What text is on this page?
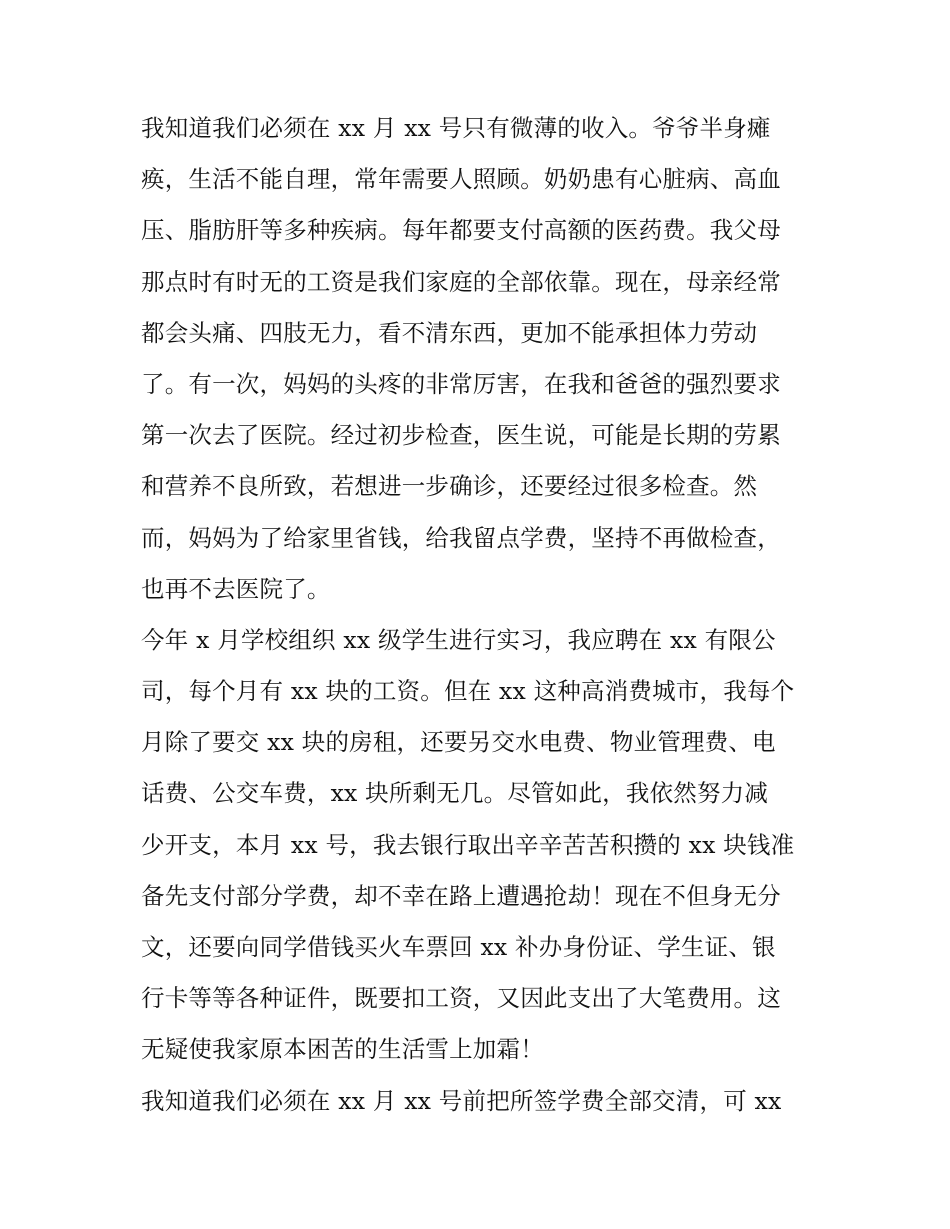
我知道我们必须在 xx 月 xx 号只有微薄的收入。爷爷半身瘫
痪，生活不能自理，常年需要人照顾。奶奶患有心脏病、高血
压、脂肪肝等多种疾病。每年都要支付高额的医药费。我父母
那点时有时无的工资是我们家庭的全部依靠。现在，母亲经常
都会头痛、四肢无力，看不清东西，更加不能承担体力劳动
了。有一次，妈妈的头疼的非常厉害，在我和爸爸的强烈要求
第一次去了医院。经过初步检查，医生说，可能是长期的劳累
和营养不良所致，若想进一步确诊，还要经过很多检查。然
而，妈妈为了给家里省钱，给我留点学费，坚持不再做检查，
也再不去医院了。
今年 x 月学校组织 xx 级学生进行实习，我应聘在 xx 有限公
司，每个月有 xx 块的工资。但在 xx 这种高消费城市，我每个
月除了要交 xx 块的房租，还要另交水电费、物业管理费、电
话费、公交车费，xx 块所剩无几。尽管如此，我依然努力减
少开支，本月 xx 号，我去银行取出辛辛苦苦积攒的 xx 块钱准
备先支付部分学费，却不幸在路上遭遇抢劫！现在不但身无分
文，还要向同学借钱买火车票回 xx 补办身份证、学生证、银
行卡等等各种证件，既要扣工资，又因此支出了大笔费用。这
无疑使我家原本困苦的生活雪上加霜！
我知道我们必须在 xx 月 xx 号前把所签学费全部交清，可 xx
